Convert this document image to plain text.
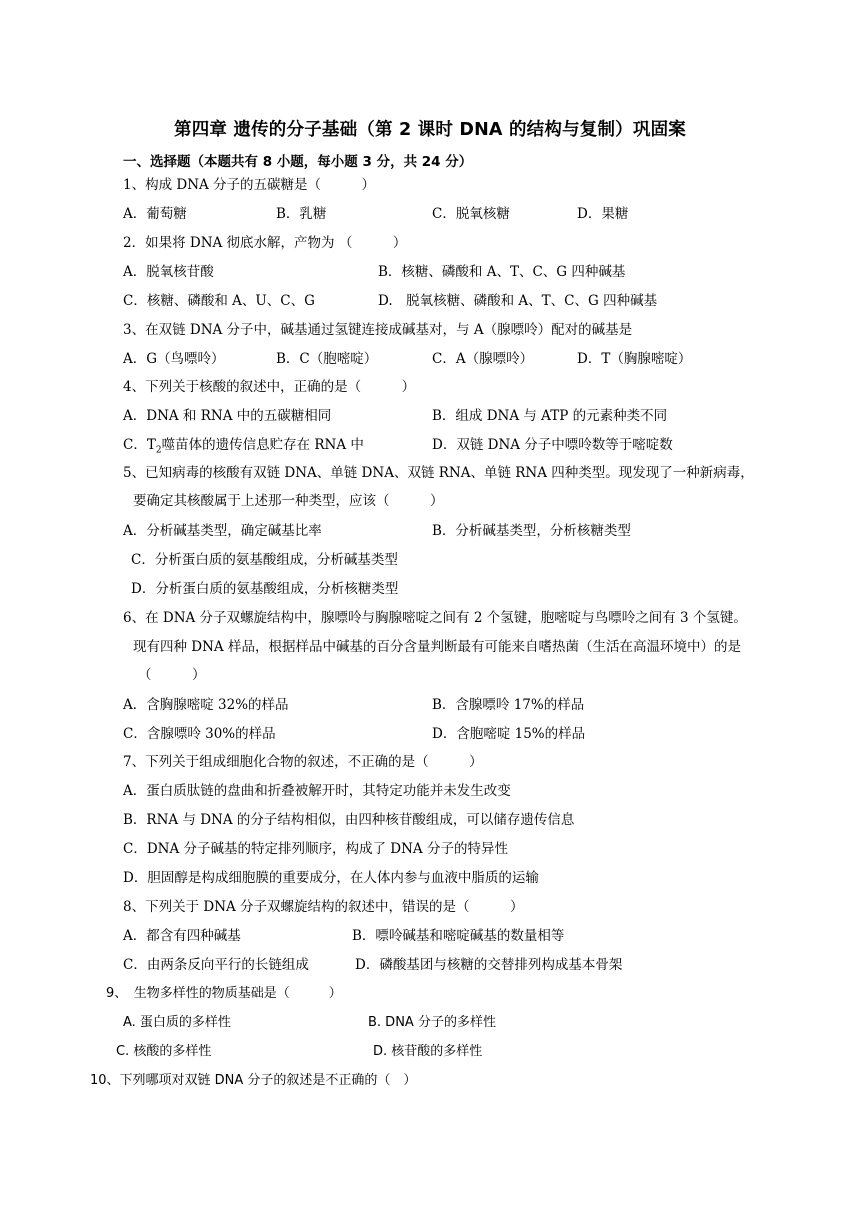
第四章 遗传的分子基础（第 2 课时 DNA 的结构与复制）巩固案
一、选择题（本题共有 8 小题，每小题 3 分，共 24 分）
1、构成 DNA 分子的五碳糖是（　　　）
A．葡萄糖	B．乳糖	C．脱氧核糖	D．果糖
2．如果将 DNA 彻底水解，产物为 （　　　）
A．脱氧核苷酸	B．核糖、磷酸和 A、T、C、G 四种碱基
C．核糖、磷酸和 A、U、C、G	D.　脱氧核糖、磷酸和 A、T、C、G 四种碱基
3、在双链 DNA 分子中，碱基通过氢键连接成碱基对，与 A（腺嘌呤）配对的碱基是
A．G（鸟嘌呤）	B．C（胞嘧啶）	C．A（腺嘌呤）	D．T（胸腺嘧啶）
4、下列关于核酸的叙述中，正确的是（　　　）
A．DNA 和 RNA 中的五碳糖相同	B．组成 DNA 与 ATP 的元素种类不同
C．$T_2$噬苗体的遗传信息贮存在 RNA 中	D．双链 DNA 分子中嘌呤数等于嘧啶数
5、已知病毒的核酸有双链 DNA、单链 DNA、双链 RNA、单链 RNA 四种类型。现发现了一种新病毒，
要确定其核酸属于上述那一种类型，应该（　　　）
A．分析碱基类型，确定碱基比率	B．分析碱基类型，分析核糖类型
C．分析蛋白质的氨基酸组成，分析碱基类型
D．分析蛋白质的氨基酸组成，分析核糖类型
6、在 DNA 分子双螺旋结构中，腺嘌呤与胸腺嘧啶之间有 2 个氢键，胞嘧啶与鸟嘌呤之间有 3 个氢键。
现有四种 DNA 样品，根据样品中碱基的百分含量判断最有可能来自嗜热菌（生活在高温环境中）的是
（　　　）
A．含胸腺嘧啶 32%的样品	B．含腺嘌呤 17%的样品
C．含腺嘌呤 30%的样品	D．含胞嘧啶 15%的样品
7、下列关于组成细胞化合物的叙述，不正确的是（　　　）
A．蛋白质肽链的盘曲和折叠被解开时，其特定功能并未发生改变
B．RNA 与 DNA 的分子结构相似，由四种核苷酸组成，可以储存遗传信息
C．DNA 分子碱基的特定排列顺序，构成了 DNA 分子的特异性
D．胆固醇是构成细胞膜的重要成分，在人体内参与血液中脂质的运输
8、下列关于 DNA 分子双螺旋结构的叙述中，错误的是（　　　）
A．都含有四种碱基	B．嘌呤碱基和嘧啶碱基的数量相等
C．由两条反向平行的长链组成	D．磷酸基团与核糖的交替排列构成基本骨架
9、　生物多样性的物质基础是（　　　）
A. 蛋白质的多样性	B. DNA 分子的多样性
C. 核酸的多样性	D. 核苷酸的多样性
10、下列哪项对双链 DNA 分子的叙述是不正确的（　）
